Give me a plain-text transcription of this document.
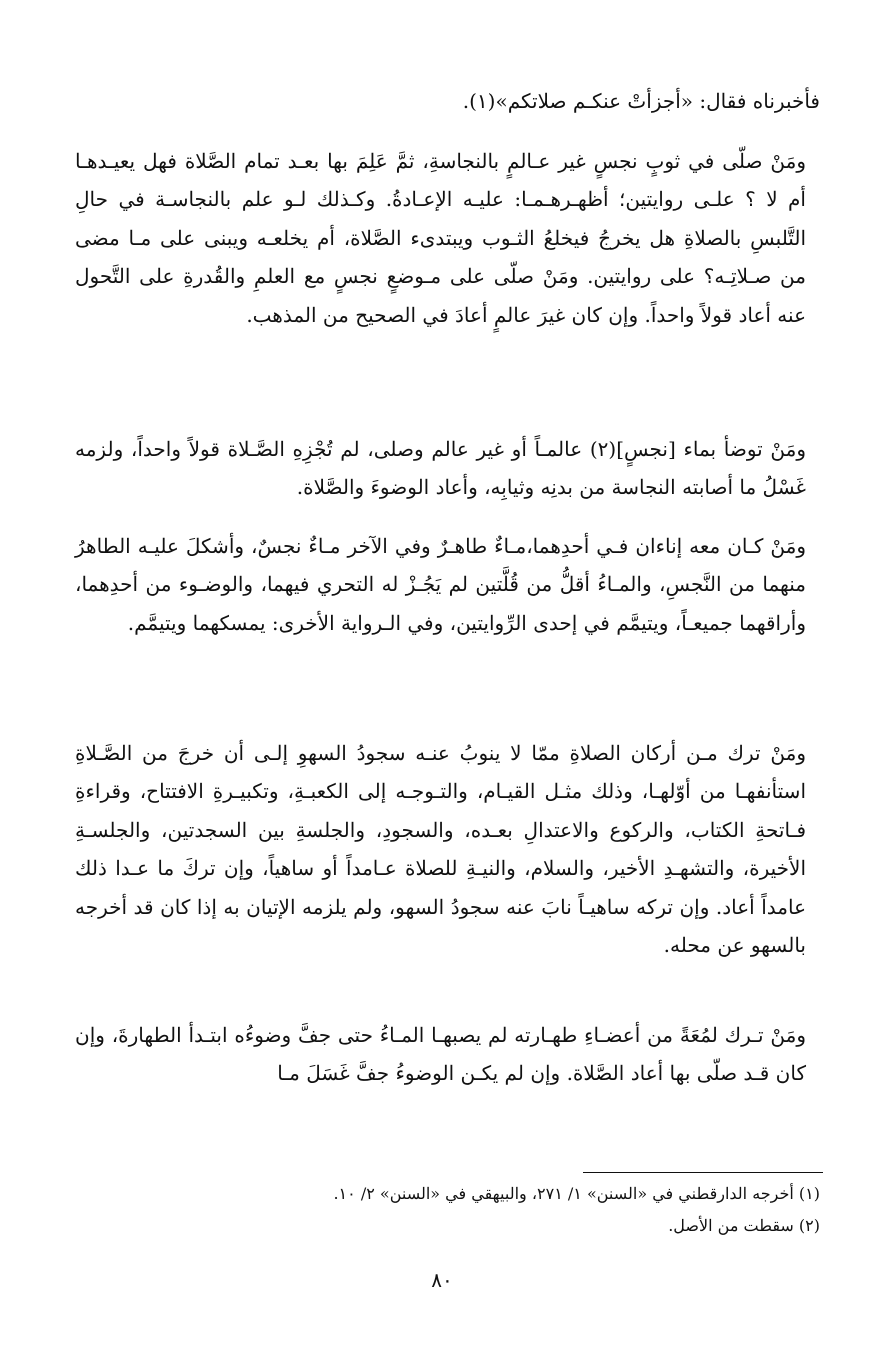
فأخبرناه فقال: «أجزأتْ عنكـم صلاتكم»(١).

ومَنْ صلّى في ثوبٍ نجسٍ غير عـالمٍ بالنجاسةِ، ثمَّ عَلِمَ بها بعـد تمام الصَّلاة فهل يعيـدهـا أم لا ؟ علـى روايتين؛ أظهـرهـمـا: عليـه الإعـادةُ. وكـذلك لـو علم بالنجاسـة في حالِ التَّلبسِ بالصلاةِ هل يخرجُ فيخلعُ الثـوب ويبتدىء الصَّلاة، أم يخلعـه ويبنى على مـا مضى من صـلاتِـه؟ على روايتين. ومَنْ صلّى على مـوضعٍ نجسٍ مع العلمِ والقُدرةِ على التَّحول عنه أعاد قولاً واحداً. وإن كان غيرَ عالمٍ أعادَ في الصحيح من المذهب.

ومَنْ توضأ بماء [نجسٍ](٢) عالمـاً أو غير عالم وصلى، لم تُجْزِهِ الصَّـلاة قولاً واحداً، ولزمه غَسْلُ ما أصابته النجاسة من بدنِه وثيابِه، وأعاد الوضوءَ والصَّلاة.

ومَنْ كـان معه إناءان فـي أحدِهما،مـاءٌ طاهـرٌ وفي الآخر مـاءٌ نجسٌ، وأشكلَ عليـه الطاهرُ منهما من النَّجسِ، والمـاءُ أقلُّ من قُلَّتين لم يَجُـزْ له التحري فيهما، والوضـوء من أحدِهما، وأراقهما جميعـاً، ويتيمَّم في إحدى الرِّوايتين، وفي الـرواية الأخرى: يمسكهما ويتيمَّم.

ومَنْ ترك مـن أركان الصلاةِ ممّا لا ينوبُ عنـه سجودُ السهوِ إلـى أن خرجَ من الصَّـلاةِ استأنفهـا من أوّلهـا، وذلك مثـل القيـام، والتـوجـه إلى الكعبـةِ، وتكبيـرةِ الافتتاح، وقراءةِ فـاتحةِ الكتاب، والركوع والاعتدالِ بعـده، والسجودِ، والجلسةِ بين السجدتين، والجلسـةِ الأخيرة، والتشهـدِ الأخير، والسلام، والنيـةِ للصلاة عـامداً أو ساهياً، وإن تركَ ما عـدا ذلك عامداً أعاد. وإن تركه ساهيـاً نابَ عنه سجودُ السهو، ولم يلزمه الإتيان به إذا كان قد أخرجه بالسهو عن محله.

ومَنْ تـرك لمُعَةً من أعضـاءِ طهـارته لم يصبهـا المـاءُ حتى جفَّ وضوءُه ابتـدأ الطهارةَ، وإن كان قـد صلّى بها أعاد الصَّلاة. وإن لم يكـن الوضوءُ جفَّ غَسَلَ مـا

(١) أخرجه الدارقطني في «السنن» ١/ ٢٧١، والبيهقي في «السنن» ٢/ ١٠.

(٢) سقطت من الأصل.

٨٠
